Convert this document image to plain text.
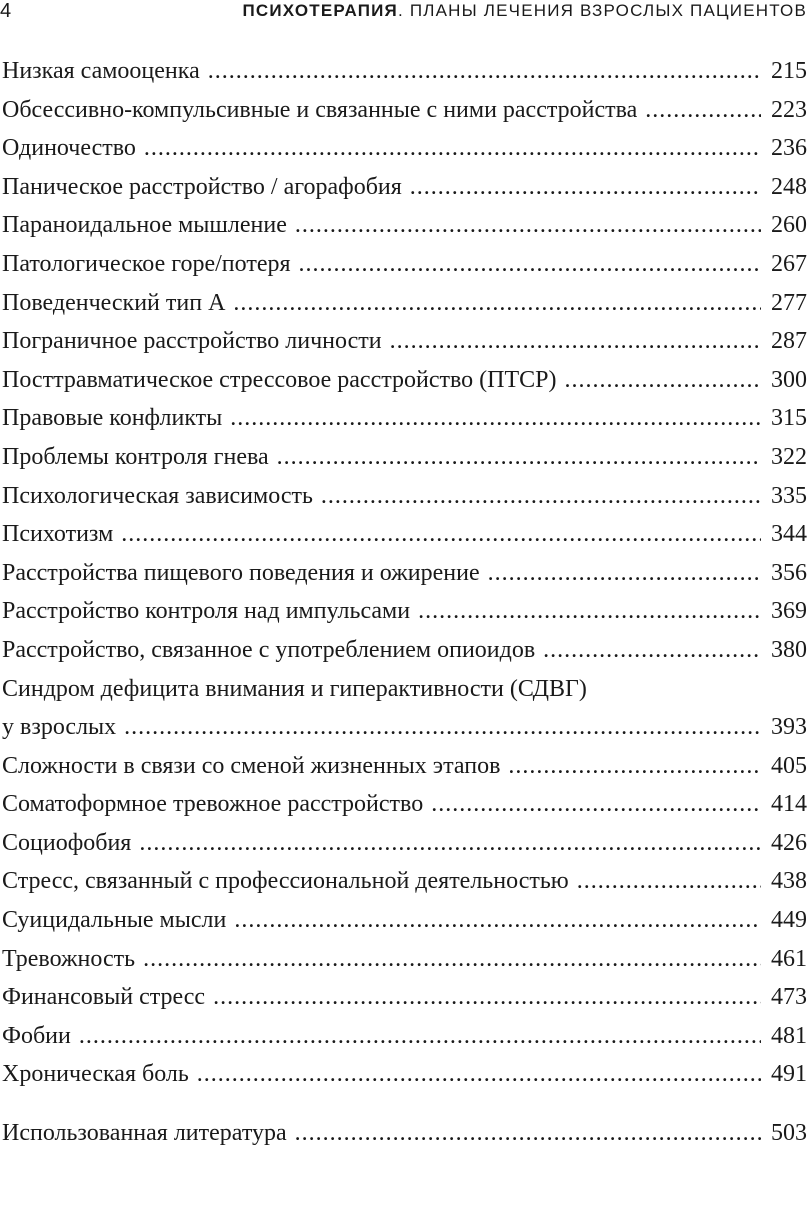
4	ПСИХОТЕРАПИЯ. ПЛАНЫ ЛЕЧЕНИЯ ВЗРОСЛЫХ ПАЦИЕНТОВ
Низкая самооценка .....	215
Обсессивно-компульсивные и связанные с ними расстройства .....	223
Одиночество .....	236
Паническое расстройство / агорафобия .....	248
Параноидальное мышление .....	260
Патологическое горе/потеря .....	267
Поведенческий тип А .....	277
Пограничное расстройство личности .....	287
Посттравматическое стрессовое расстройство (ПТСР) .....	300
Правовые конфликты .....	315
Проблемы контроля гнева .....	322
Психологическая зависимость .....	335
Психотизм .....	344
Расстройства пищевого поведения и ожирение .....	356
Расстройство контроля над импульсами .....	369
Расстройство, связанное с употреблением опиоидов .....	380
Синдром дефицита внимания и гиперактивности (СДВГ)
у взрослых .....	393
Сложности в связи со сменой жизненных этапов .....	405
Соматоформное тревожное расстройство .....	414
Социофобия .....	426
Стресс, связанный с профессиональной деятельностью .....	438
Суицидальные мысли .....	449
Тревожность .....	461
Финансовый стресс .....	473
Фобии .....	481
Хроническая боль .....	491
Использованная литература .....	503
